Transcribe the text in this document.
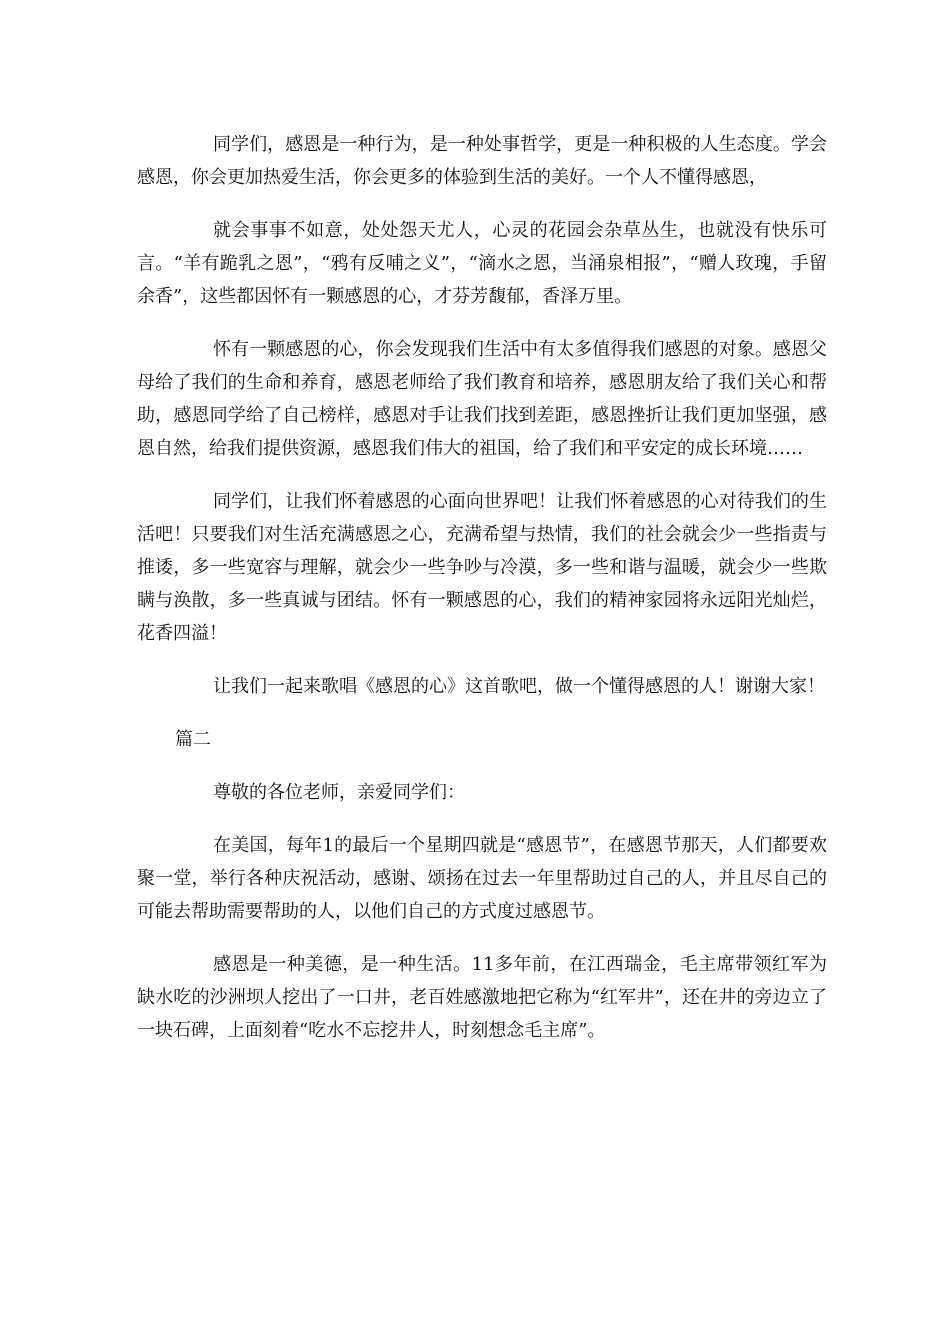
同学们，感恩是一种行为，是一种处事哲学，更是一种积极的人生态度。学会感恩，你会更加热爱生活，你会更多的体验到生活的美好。一个人不懂得感恩，

就会事事不如意，处处怨天尤人，心灵的花园会杂草丛生，也就没有快乐可言。“羊有跪乳之恩”，“鸦有反哺之义”，“滴水之恩，当涌泉相报”，“赠人玫瑰，手留余香”，这些都因怀有一颗感恩的心，才芬芳馥郁，香泽万里。

怀有一颗感恩的心，你会发现我们生活中有太多值得我们感恩的对象。感恩父母给了我们的生命和养育，感恩老师给了我们教育和培养，感恩朋友给了我们关心和帮助，感恩同学给了自己榜样，感恩对手让我们找到差距，感恩挫折让我们更加坚强，感恩自然，给我们提供资源，感恩我们伟大的祖国，给了我们和平安定的成长环境……

同学们，让我们怀着感恩的心面向世界吧！让我们怀着感恩的心对待我们的生活吧！只要我们对生活充满感恩之心，充满希望与热情，我们的社会就会少一些指责与推诿，多一些宽容与理解，就会少一些争吵与冷漠，多一些和谐与温暖，就会少一些欺瞒与涣散，多一些真诚与团结。怀有一颗感恩的心，我们的精神家园将永远阳光灿烂，花香四溢！

让我们一起来歌唱《感恩的心》这首歌吧，做一个懂得感恩的人！谢谢大家！

篇二

尊敬的各位老师，亲爱同学们：

在美国，每年1的最后一个星期四就是“感恩节”，在感恩节那天，人们都要欢聚一堂，举行各种庆祝活动，感谢、颂扬在过去一年里帮助过自己的人，并且尽自己的可能去帮助需要帮助的人，以他们自己的方式度过感恩节。

感恩是一种美德，是一种生活。11多年前，在江西瑞金，毛主席带领红军为缺水吃的沙洲坝人挖出了一口井，老百姓感激地把它称为“红军井”，还在井的旁边立了一块石碑，上面刻着“吃水不忘挖井人，时刻想念毛主席”。
